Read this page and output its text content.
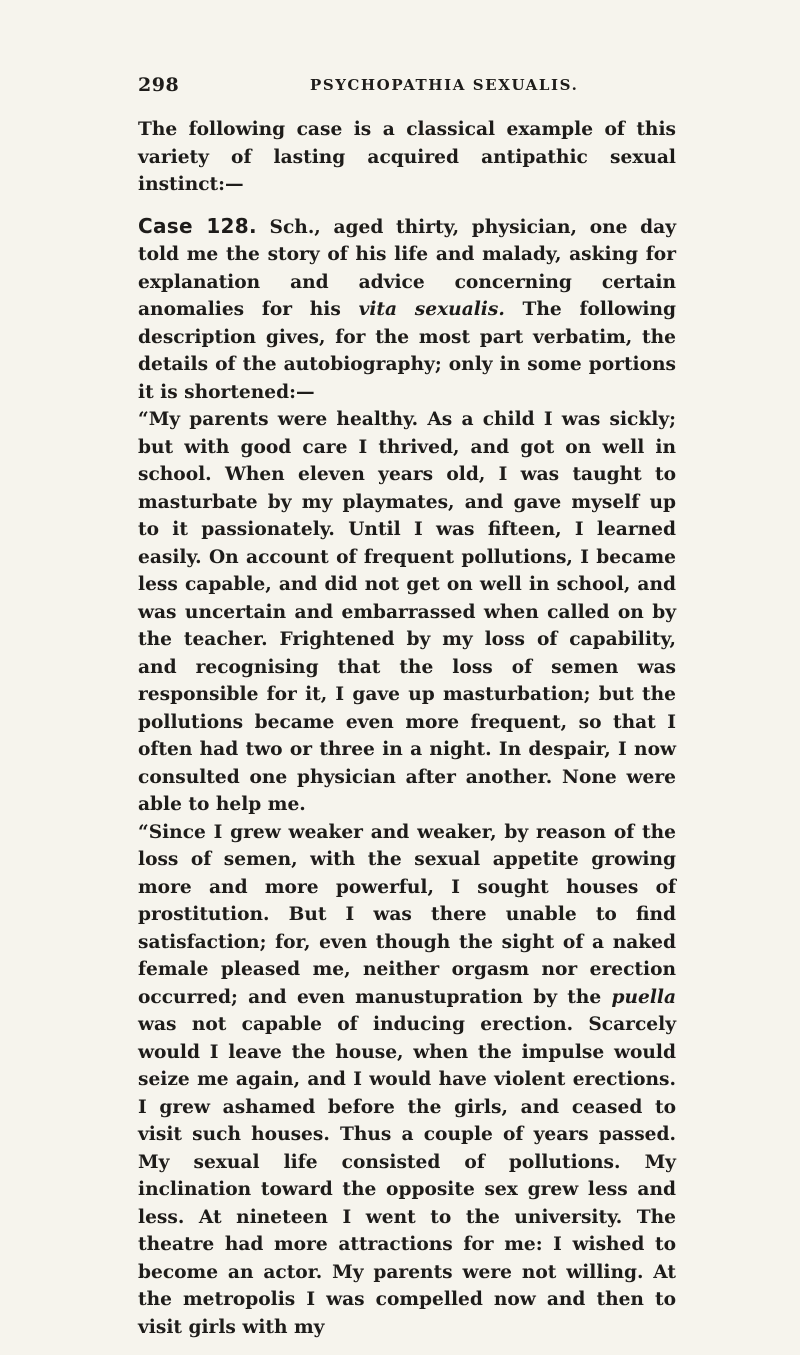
298	PSYCHOPATHIA SEXUALIS.

The following case is a classical example of this variety of lasting acquired antipathic sexual instinct:—

Case 128. Sch., aged thirty, physician, one day told me the story of his life and malady, asking for explanation and advice concerning certain anomalies for his vita sexualis. The following description gives, for the most part verbatim, the details of the autobiography; only in some portions it is shortened:—

“My parents were healthy. As a child I was sickly; but with good care I thrived, and got on well in school. When eleven years old, I was taught to masturbate by my playmates, and gave myself up to it passionately. Until I was fifteen, I learned easily. On account of frequent pollutions, I became less capable, and did not get on well in school, and was uncertain and embarrassed when called on by the teacher. Frightened by my loss of capability, and recognising that the loss of semen was responsible for it, I gave up masturbation; but the pollutions became even more frequent, so that I often had two or three in a night. In despair, I now consulted one physician after another. None were able to help me.

“Since I grew weaker and weaker, by reason of the loss of semen, with the sexual appetite growing more and more powerful, I sought houses of prostitution. But I was there unable to find satisfaction; for, even though the sight of a naked female pleased me, neither orgasm nor erection occurred; and even manustupration by the puella was not capable of inducing erection. Scarcely would I leave the house, when the impulse would seize me again, and I would have violent erections. I grew ashamed before the girls, and ceased to visit such houses. Thus a couple of years passed. My sexual life consisted of pollutions. My inclination toward the opposite sex grew less and less. At nineteen I went to the university. The theatre had more attractions for me: I wished to become an actor. My parents were not willing. At the metropolis I was compelled now and then to visit girls with my
